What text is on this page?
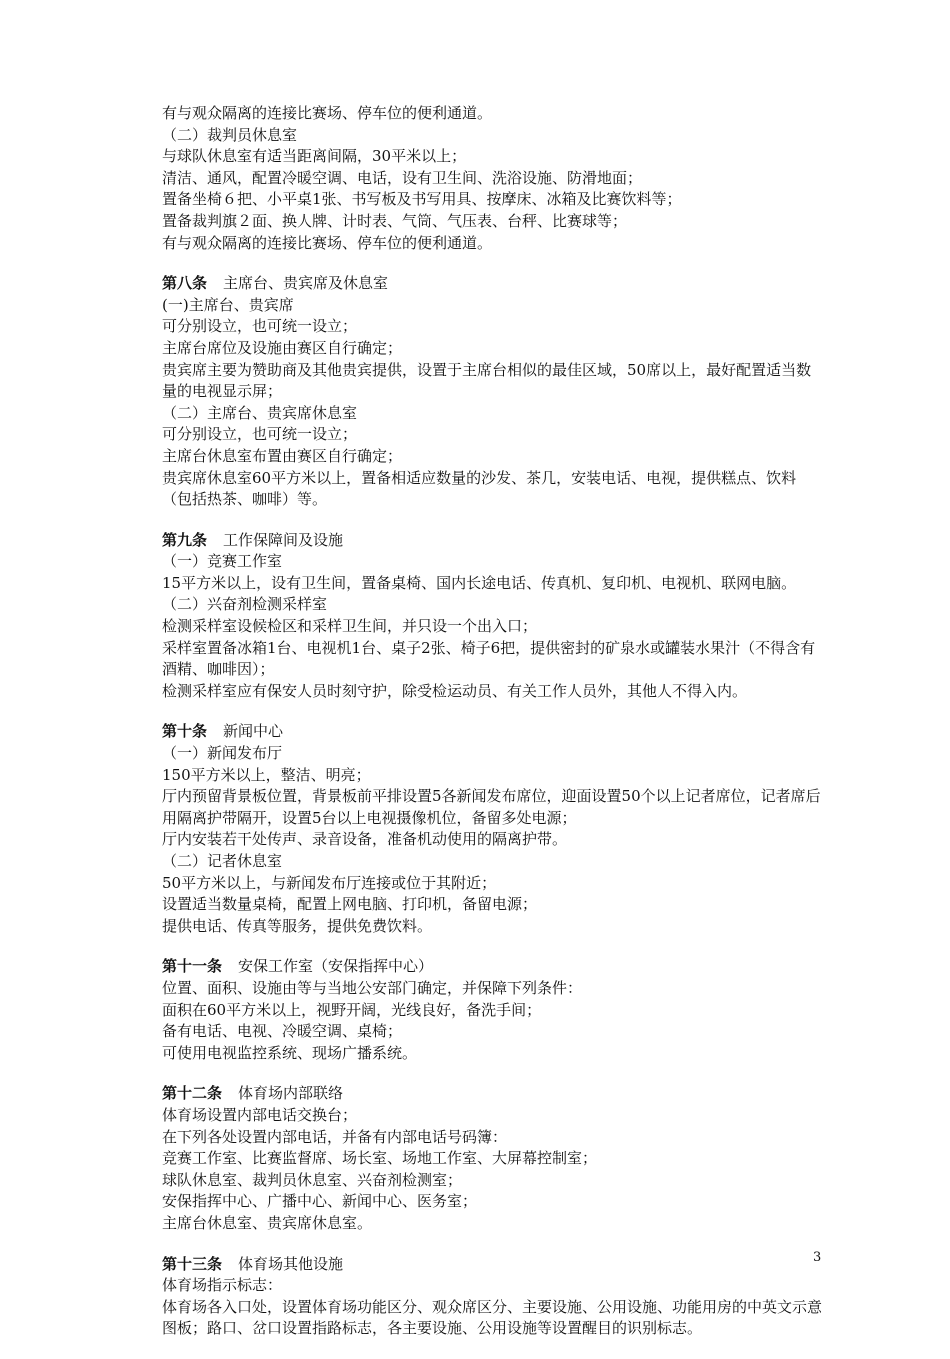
有与观众隔离的连接比赛场、停车位的便利通道。
（二）裁判员休息室
与球队休息室有适当距离间隔，30平米以上；
清洁、通风，配置冷暖空调、电话，设有卫生间、洗浴设施、防滑地面；
置备坐椅６把、小平桌1张、书写板及书写用具、按摩床、冰箱及比赛饮料等；
置备裁判旗２面、换人牌、计时表、气筒、气压表、台秤、比赛球等；
有与观众隔离的连接比赛场、停车位的便利通道。
第八条 主席台、贵宾席及休息室
(一)主席台、贵宾席
可分别设立，也可统一设立；
主席台席位及设施由赛区自行确定；
贵宾席主要为赞助商及其他贵宾提供，设置于主席台相似的最佳区域，50席以上，最好配置适当数量的电视显示屏；
（二）主席台、贵宾席休息室
可分别设立，也可统一设立；
主席台休息室布置由赛区自行确定；
贵宾席休息室60平方米以上，置备相适应数量的沙发、茶几，安装电话、电视，提供糕点、饮料（包括热茶、咖啡）等。
第九条 工作保障间及设施
（一）竞赛工作室
15平方米以上，设有卫生间，置备桌椅、国内长途电话、传真机、复印机、电视机、联网电脑。
（二）兴奋剂检测采样室
检测采样室设候检区和采样卫生间，并只设一个出入口；
采样室置备冰箱1台、电视机1台、桌子2张、椅子6把，提供密封的矿泉水或罐装水果汁（不得含有酒精、咖啡因）；
检测采样室应有保安人员时刻守护，除受检运动员、有关工作人员外，其他人不得入内。
第十条 新闻中心
（一）新闻发布厅
150平方米以上，整洁、明亮；
厅内预留背景板位置，背景板前平排设置5各新闻发布席位，迎面设置50个以上记者席位，记者席后用隔离护带隔开，设置5台以上电视摄像机位，备留多处电源；
厅内安装若干处传声、录音设备，准备机动使用的隔离护带。
（二）记者休息室
50平方米以上，与新闻发布厅连接或位于其附近；
设置适当数量桌椅，配置上网电脑、打印机，备留电源；
提供电话、传真等服务，提供免费饮料。
第十一条 安保工作室（安保指挥中心）
位置、面积、设施由等与当地公安部门确定，并保障下列条件：
面积在60平方米以上，视野开阔，光线良好，备洗手间；
备有电话、电视、冷暖空调、桌椅；
可使用电视监控系统、现场广播系统。
第十二条 体育场内部联络
体育场设置内部电话交换台；
在下列各处设置内部电话，并备有内部电话号码簿：
竞赛工作室、比赛监督席、场长室、场地工作室、大屏幕控制室；
球队休息室、裁判员休息室、兴奋剂检测室；
安保指挥中心、广播中心、新闻中心、医务室；
主席台休息室、贵宾席休息室。
第十三条 体育场其他设施
体育场指示标志：
体育场各入口处，设置体育场功能区分、观众席区分、主要设施、公用设施、功能用房的中英文示意图板；路口、岔口设置指路标志，各主要设施、公用设施等设置醒目的识别标志。
3
